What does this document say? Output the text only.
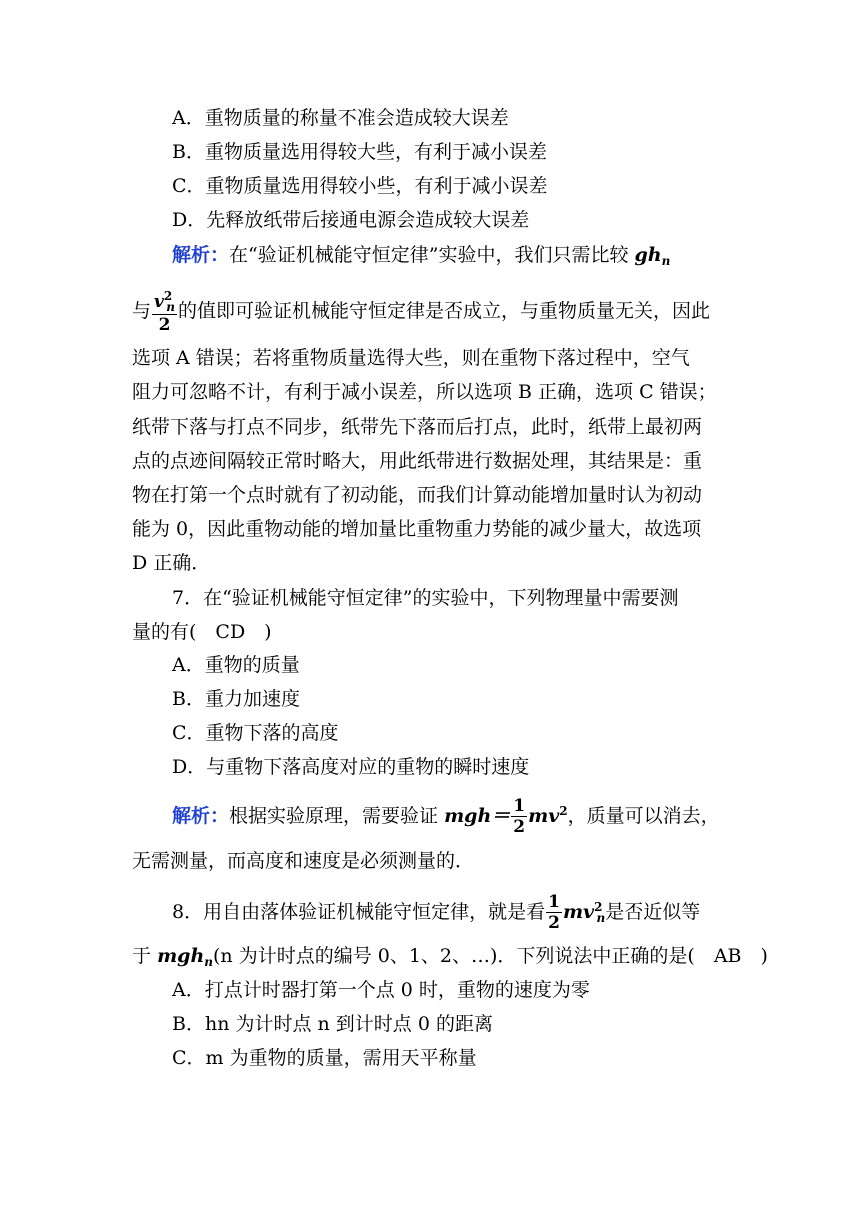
A．重物质量的称量不准会造成较大误差
B．重物质量选用得较大些，有利于减小误差
C．重物质量选用得较小些，有利于减小误差
D．先释放纸带后接通电源会造成较大误差
解析：在“验证机械能守恒定律”实验中，我们只需比较 $gh_n$
与 $\frac{v^2_n}{2}$ 的值即可验证机械能守恒定律是否成立，与重物质量无关，因此
选项 A 错误；若将重物质量选得大些，则在重物下落过程中，空气
阻力可忽略不计，有利于减小误差，所以选项 B 正确，选项 C 错误；
纸带下落与打点不同步，纸带先下落而后打点，此时，纸带上最初两
点的点迹间隔较正常时略大，用此纸带进行数据处理，其结果是：重
物在打第一个点时就有了初动能，而我们计算动能增加量时认为初动
能为 0，因此重物动能的增加量比重物重力势能的减少量大，故选项
D 正确．
7．在“验证机械能守恒定律”的实验中，下列物理量中需要测
量的有(　CD　)
A．重物的质量
B．重力加速度
C．重物下落的高度
D．与重物下落高度对应的重物的瞬时速度
解析：根据实验原理，需要验证 $mgh= \frac{1}{2} mv^2$，质量可以消去，
无需测量，而高度和速度是必须测量的．
8．用自由落体验证机械能守恒定律，就是看 $\frac{1}{2} mv^2_n$是否近似等
于 mgh$_n$(n 为计时点的编号 0、1、2、…)．下列说法中正确的是(　AB　)
A．打点计时器打第一个点 0 时，重物的速度为零
B．hn 为计时点 n 到计时点 0 的距离
C．m 为重物的质量，需用天平称量
